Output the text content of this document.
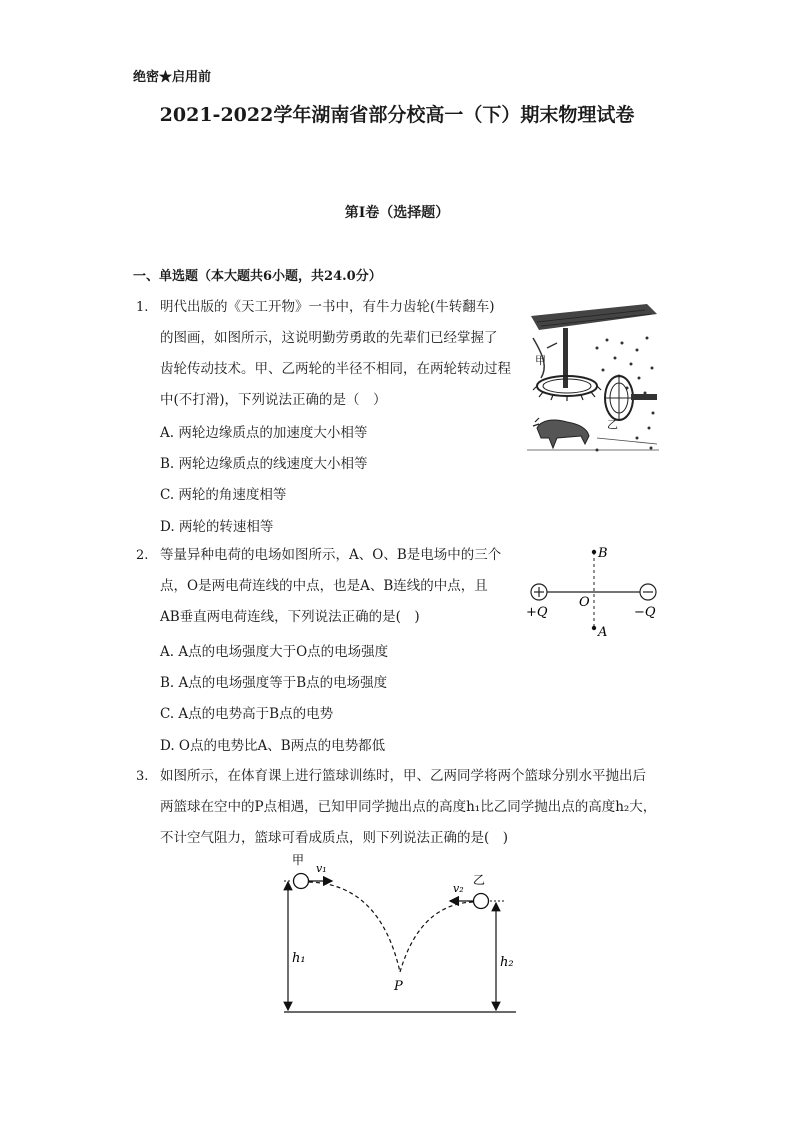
绝密★启用前
2021-2022学年湖南省部分校高一（下）期末物理试卷
第I卷（选择题）
一、单选题（本大题共6小题，共24.0分）
1. 明代出版的《天工开物》一书中，有牛力齿轮(牛转翻车)
的图画，如图所示，这说明勤劳勇敢的先辈们已经掌握了
齿轮传动技术。甲、乙两轮的半径不相同，在两轮转动过程
中(不打滑)，下列说法正确的是（　）
A. 两轮边缘质点的加速度大小相等
B. 两轮边缘质点的线速度大小相等
C. 两轮的角速度相等
D. 两轮的转速相等
甲
乙
2. 等量异种电荷的电场如图所示，A、O、B是电场中的三个
点，O是两电荷连线的中点，也是A、B连线的中点，且
AB垂直两电荷连线，下列说法正确的是(　)
A. A点的电场强度大于O点的电场强度
B. A点的电场强度等于B点的电场强度
C. A点的电势高于B点的电势
D. O点的电势比A、B两点的电势都低
B
O
A
+Q	−Q
3. 如图所示，在体育课上进行篮球训练时，甲、乙两同学将两个篮球分别水平抛出后
两篮球在空中的P点相遇，已知甲同学抛出点的高度h₁比乙同学抛出点的高度h₂大，
不计空气阻力，篮球可看成质点，则下列说法正确的是(　)
h₁	h₂
甲
v₁
乙
v₂
P
